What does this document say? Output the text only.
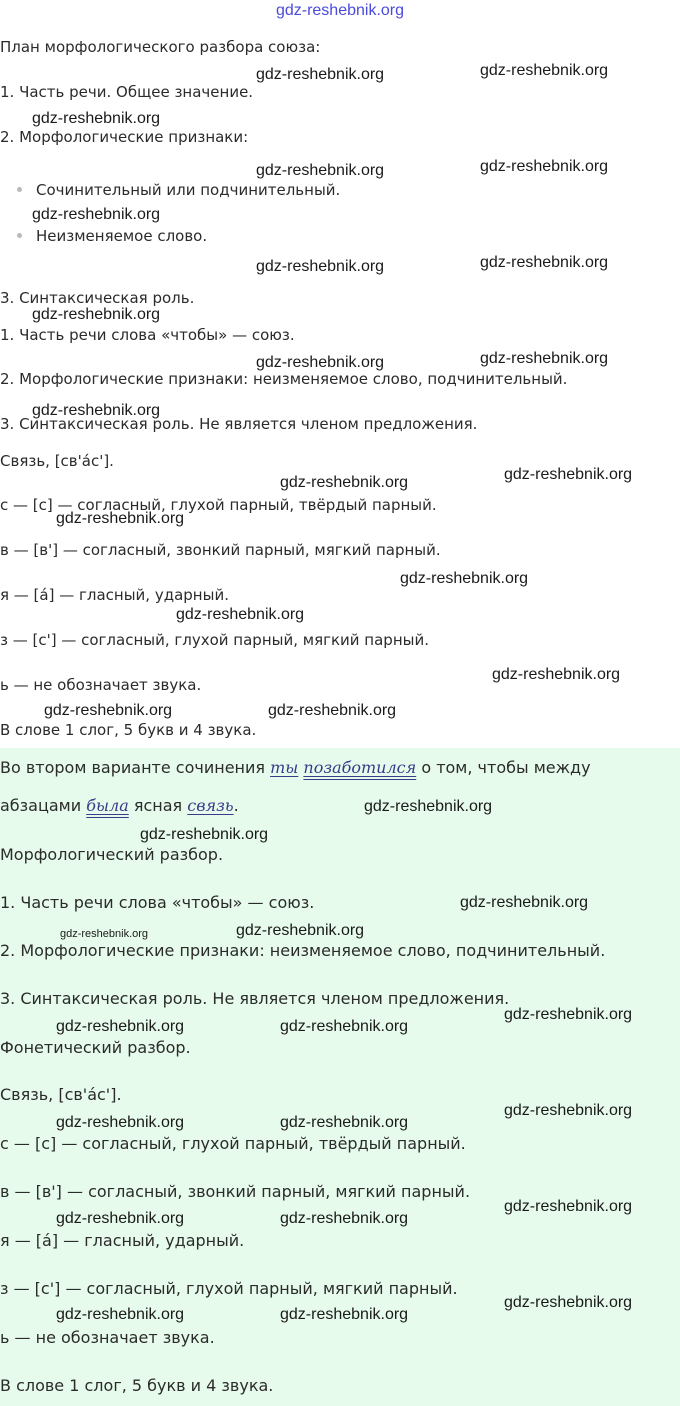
gdz-reshebnik.org
План морфологического разбора союза:
1. Часть речи. Общее значение.
2. Морфологические признаки:
Сочинительный или подчинительный.
Неизменяемое слово.
3. Синтаксическая роль.
1. Часть речи слова «чтобы» — союз.
2. Морфологические признаки: неизменяемое слово, подчинительный.
3. Синтаксическая роль. Не является членом предложения.
Связь, [св'áс'].
с — [с] — согласный, глухой парный, твёрдый парный.
в — [в'] — согласный, звонкий парный, мягкий парный.
я — [á] — гласный, ударный.
з — [с'] — согласный, глухой парный, мягкий парный.
ь — не обозначает звука.
В слове 1 слог, 5 букв и 4 звука.
Во втором варианте сочинения ты позаботился о том, чтобы между
абзацами была ясная связь.
Морфологический разбор.
1. Часть речи слова «чтобы» — союз.
2. Морфологические признаки: неизменяемое слово, подчинительный.
3. Синтаксическая роль. Не является членом предложения.
Фонетический разбор.
Связь, [св'áс'].
с — [с] — согласный, глухой парный, твёрдый парный.
в — [в'] — согласный, звонкий парный, мягкий парный.
я — [á] — гласный, ударный.
з — [с'] — согласный, глухой парный, мягкий парный.
ь — не обозначает звука.
В слове 1 слог, 5 букв и 4 звука.
gdz-reshebnik.org	gdz-reshebnik.org
gdz-reshebnik.org
gdz-reshebnik.org	gdz-reshebnik.org
gdz-reshebnik.org
gdz-reshebnik.org	gdz-reshebnik.org
gdz-reshebnik.org
gdz-reshebnik.org	gdz-reshebnik.org
gdz-reshebnik.org
gdz-reshebnik.org	gdz-reshebnik.org
gdz-reshebnik.org
gdz-reshebnik.org
gdz-reshebnik.org
gdz-reshebnik.org
gdz-reshebnik.org	gdz-reshebnik.org
gdz-reshebnik.org
gdz-reshebnik.org
gdz-reshebnik.org
gdz-reshebnik.org	gdz-reshebnik.org
gdz-reshebnik.org
gdz-reshebnik.org	gdz-reshebnik.org
gdz-reshebnik.org
gdz-reshebnik.org	gdz-reshebnik.org
gdz-reshebnik.org
gdz-reshebnik.org	gdz-reshebnik.org
gdz-reshebnik.org
gdz-reshebnik.org	gdz-reshebnik.org
